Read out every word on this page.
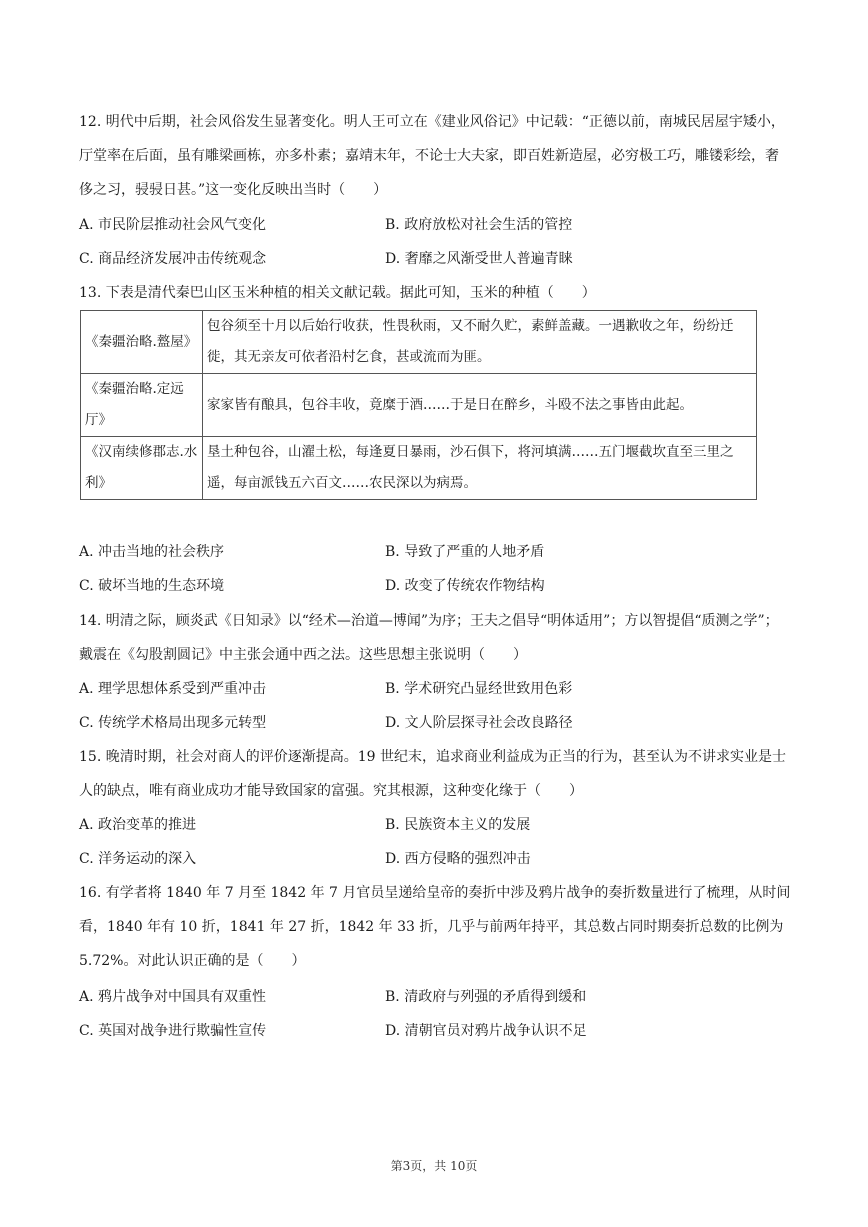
12. 明代中后期，社会风俗发生显著变化。明人王可立在《建业风俗记》中记载：“正德以前，南城民居屋宇矮小，厅堂率在后面，虽有雕梁画栋，亦多朴素；嘉靖末年，不论士大夫家，即百姓新造屋，必穷极工巧，雕镂彩绘，奢侈之习，骎骎日甚。”这一变化反映出当时（　　）

A. 市民阶层推动社会风气变化	B. 政府放松对社会生活的管控
C. 商品经济发展冲击传统观念	D. 奢靡之风渐受世人普遍青睐

13. 下表是清代秦巴山区玉米种植的相关文献记载。据此可知，玉米的种植（　　）

《秦疆治略.盩屋》	包谷须至十月以后始行收获，性畏秋雨，又不耐久贮，素鲜盖藏。一遇歉收之年，纷纷迁徙，其无亲友可依者沿村乞食，甚或流而为匪。
《秦疆治略.定远厅》	家家皆有酿具，包谷丰收，竟糜于酒……于是日在醉乡，斗殴不法之事皆由此起。
《汉南续修郡志.水利》	垦土种包谷，山濯土松，每逢夏日暴雨，沙石俱下，将河填满……五门堰截坎直至三里之遥，每亩派钱五六百文……农民深以为病焉。
A. 冲击当地的社会秩序	B. 导致了严重的人地矛盾
C. 破坏当地的生态环境	D. 改变了传统农作物结构

14. 明清之际，顾炎武《日知录》以“经术—治道—博闻”为序；王夫之倡导“明体适用”；方以智提倡“质测之学”；戴震在《勾股割圆记》中主张会通中西之法。这些思想主张说明（　　）

A. 理学思想体系受到严重冲击	B. 学术研究凸显经世致用色彩
C. 传统学术格局出现多元转型	D. 文人阶层探寻社会改良路径

15. 晚清时期，社会对商人的评价逐渐提高。19 世纪末，追求商业利益成为正当的行为，甚至认为不讲求实业是士人的缺点，唯有商业成功才能导致国家的富强。究其根源，这种变化缘于（　　）

A. 政治变革的推进	B. 民族资本主义的发展
C. 洋务运动的深入	D. 西方侵略的强烈冲击

16. 有学者将 1840 年 7 月至 1842 年 7 月官员呈递给皇帝的奏折中涉及鸦片战争的奏折数量进行了梳理，从时间看，1840 年有 10 折，1841 年 27 折，1842 年 33 折，几乎与前两年持平，其总数占同时期奏折总数的比例为 5.72%。对此认识正确的是（　　）

A. 鸦片战争对中国具有双重性	B. 清政府与列强的矛盾得到缓和
C. 英国对战争进行欺骗性宣传	D. 清朝官员对鸦片战争认识不足
第3页，共 10页
